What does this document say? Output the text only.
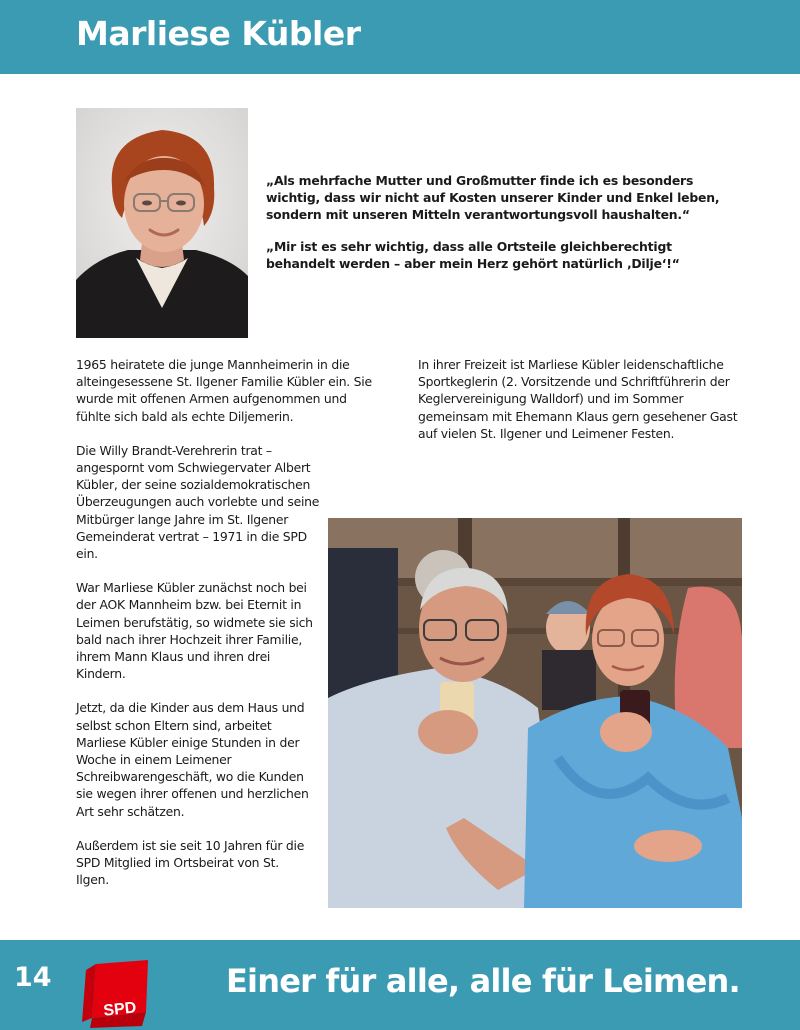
Marliese Kübler

„Als mehrfache Mutter und Großmutter finde ich es besonders wichtig, dass wir nicht auf Kosten unserer Kinder und Enkel leben, sondern mit unseren Mitteln verantwortungsvoll haushalten.“

„Mir ist es sehr wichtig, dass alle Ortsteile gleichberechtigt behandelt werden – aber mein Herz gehört natürlich ‚Dilje‘!“

1965 heiratete die junge Mannheimerin in die alteingesessene St. Ilgener Familie Kübler ein. Sie wurde mit offenen Armen aufgenommen und fühlte sich bald als echte Diljemerin.

Die Willy Brandt-Verehrerin trat – angespornt vom Schwiegervater Albert Kübler, der seine sozialdemokratischen Überzeugungen auch vorlebte und seine Mitbürger lange Jahre im St. Ilgener Gemeinderat vertrat – 1971 in die SPD ein.

War Marliese Kübler zunächst noch bei der AOK Mannheim bzw. bei Eternit in Leimen berufstätig, so widmete sie sich bald nach ihrer Hochzeit ihrer Familie, ihrem Mann Klaus und ihren drei Kindern.

Jetzt, da die Kinder aus dem Haus und selbst schon Eltern sind, arbeitet Marliese Kübler einige Stunden in der Woche in einem Leimener Schreibwarengeschäft, wo die Kunden sie wegen ihrer offenen und herzlichen Art sehr schätzen.

Außerdem ist sie seit 10 Jahren für die SPD Mitglied im Ortsbeirat von St. Ilgen.

In ihrer Freizeit ist Marliese Kübler leidenschaftliche Sportkeglerin (2. Vorsitzende und Schriftführerin der Keglervereinigung Walldorf) und im Sommer gemeinsam mit Ehemann Klaus gern gesehener Gast auf vielen St. Ilgener und Leimener Festen.

14
SPD
Einer für alle, alle für Leimen.
